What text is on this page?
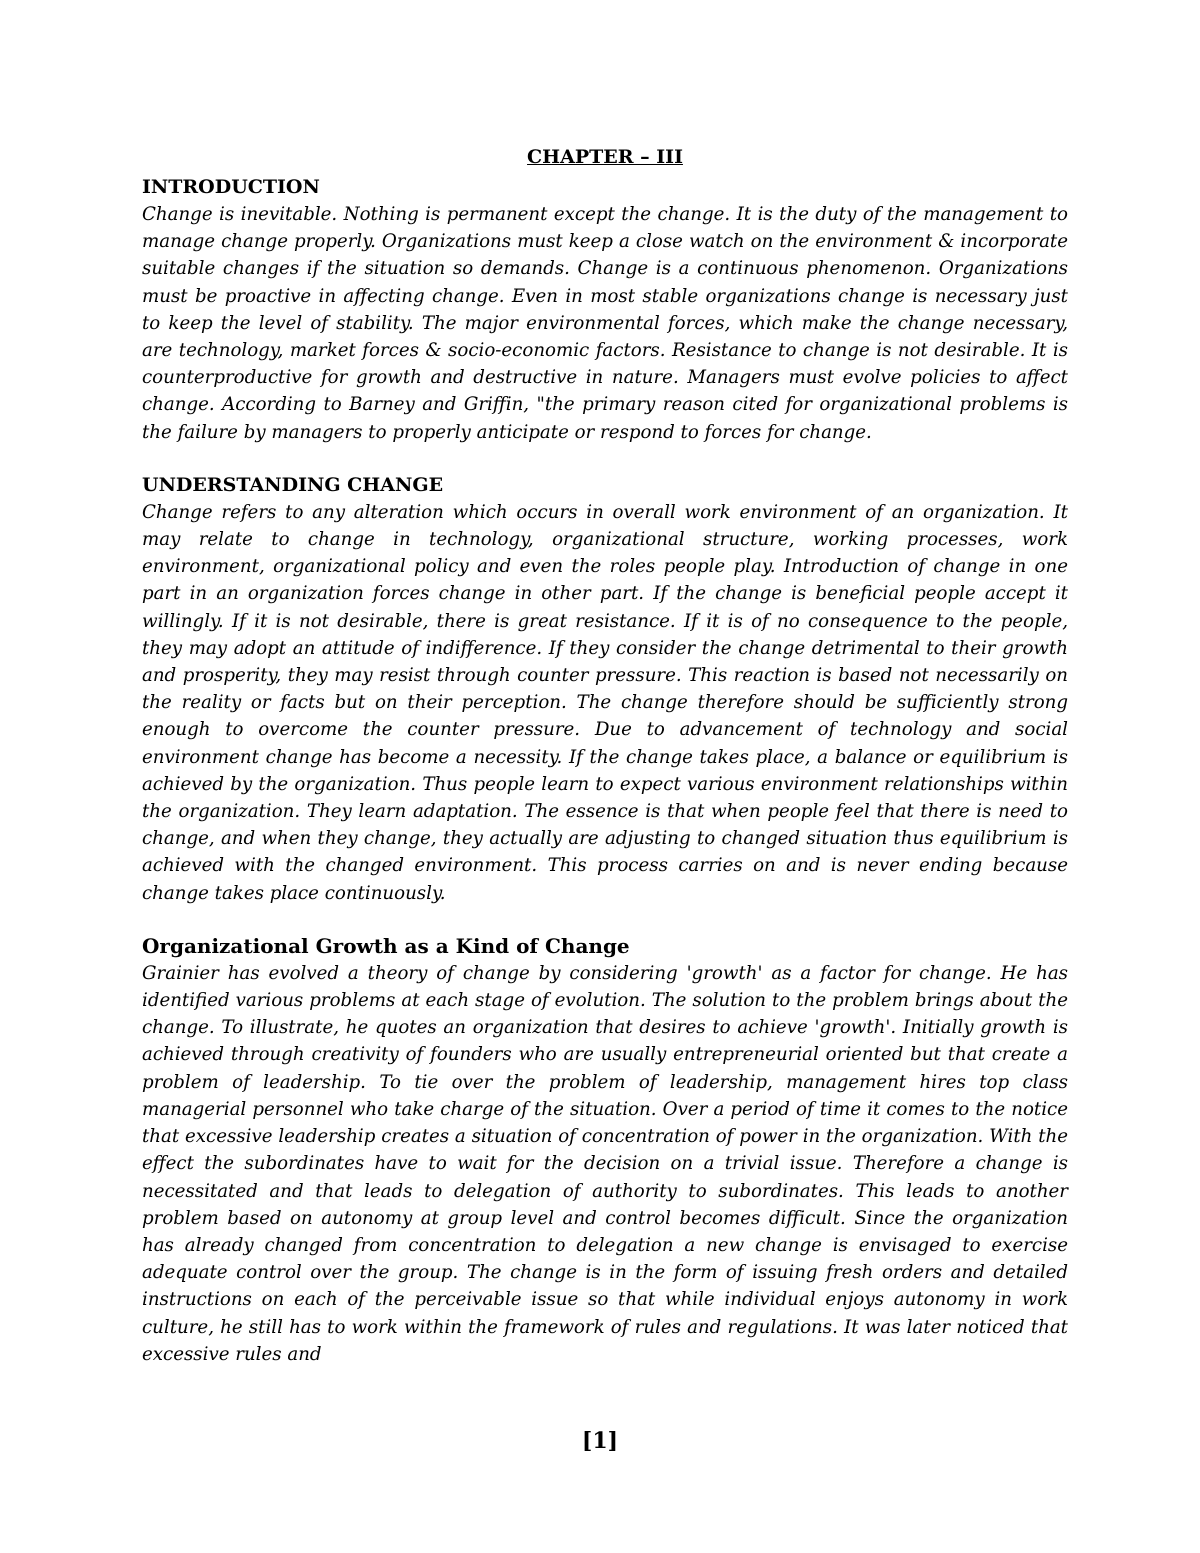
CHAPTER – III

INTRODUCTION

Change is inevitable. Nothing is permanent except the change. It is the duty of the management to manage change properly. Organizations must keep a close watch on the environment & incorporate suitable changes if the situation so demands. Change is a continuous phenomenon. Organizations must be proactive in affecting change. Even in most stable organizations change is necessary just to keep the level of stability. The major environmental forces, which make the change necessary, are technology, market forces & socio-economic factors. Resistance to change is not desirable. It is counterproductive for growth and destructive in nature. Managers must evolve policies to affect change. According to Barney and Griffin, "the primary reason cited for organizational problems is the failure by managers to properly anticipate or respond to forces for change.

UNDERSTANDING CHANGE

Change refers to any alteration which occurs in overall work environment of an organization. It may relate to change in technology, organizational structure, working processes, work environment, organizational policy and even the roles people play. Introduction of change in one part in an organization forces change in other part. If the change is beneficial people accept it willingly. If it is not desirable, there is great resistance. If it is of no consequence to the people, they may adopt an attitude of indifference. If they consider the change detrimental to their growth and prosperity, they may resist through counter pressure. This reaction is based not necessarily on the reality or facts but on their perception. The change therefore should be sufficiently strong enough to overcome the counter pressure. Due to advancement of technology and social environment change has become a necessity. If the change takes place, a balance or equilibrium is achieved by the organization. Thus people learn to expect various environment relationships within the organization. They learn adaptation. The essence is that when people feel that there is need to change, and when they change, they actually are adjusting to changed situation thus equilibrium is achieved with the changed environment. This process carries on and is never ending because change takes place continuously.

Organizational Growth as a Kind of Change

Grainier has evolved a theory of change by considering 'growth' as a factor for change. He has identified various problems at each stage of evolution. The solution to the problem brings about the change. To illustrate, he quotes an organization that desires to achieve 'growth'. Initially growth is achieved through creativity of founders who are usually entrepreneurial oriented but that create a problem of leadership. To tie over the problem of leadership, management hires top class managerial personnel who take charge of the situation. Over a period of time it comes to the notice that excessive leadership creates a situation of concentration of power in the organization. With the effect the subordinates have to wait for the decision on a trivial issue. Therefore a change is necessitated and that leads to delegation of authority to subordinates. This leads to another problem based on autonomy at group level and control becomes difficult. Since the organization has already changed from concentration to delegation a new change is envisaged to exercise adequate control over the group. The change is in the form of issuing fresh orders and detailed instructions on each of the perceivable issue so that while individual enjoys autonomy in work culture, he still has to work within the framework of rules and regulations. It was later noticed that excessive rules and

[1]
